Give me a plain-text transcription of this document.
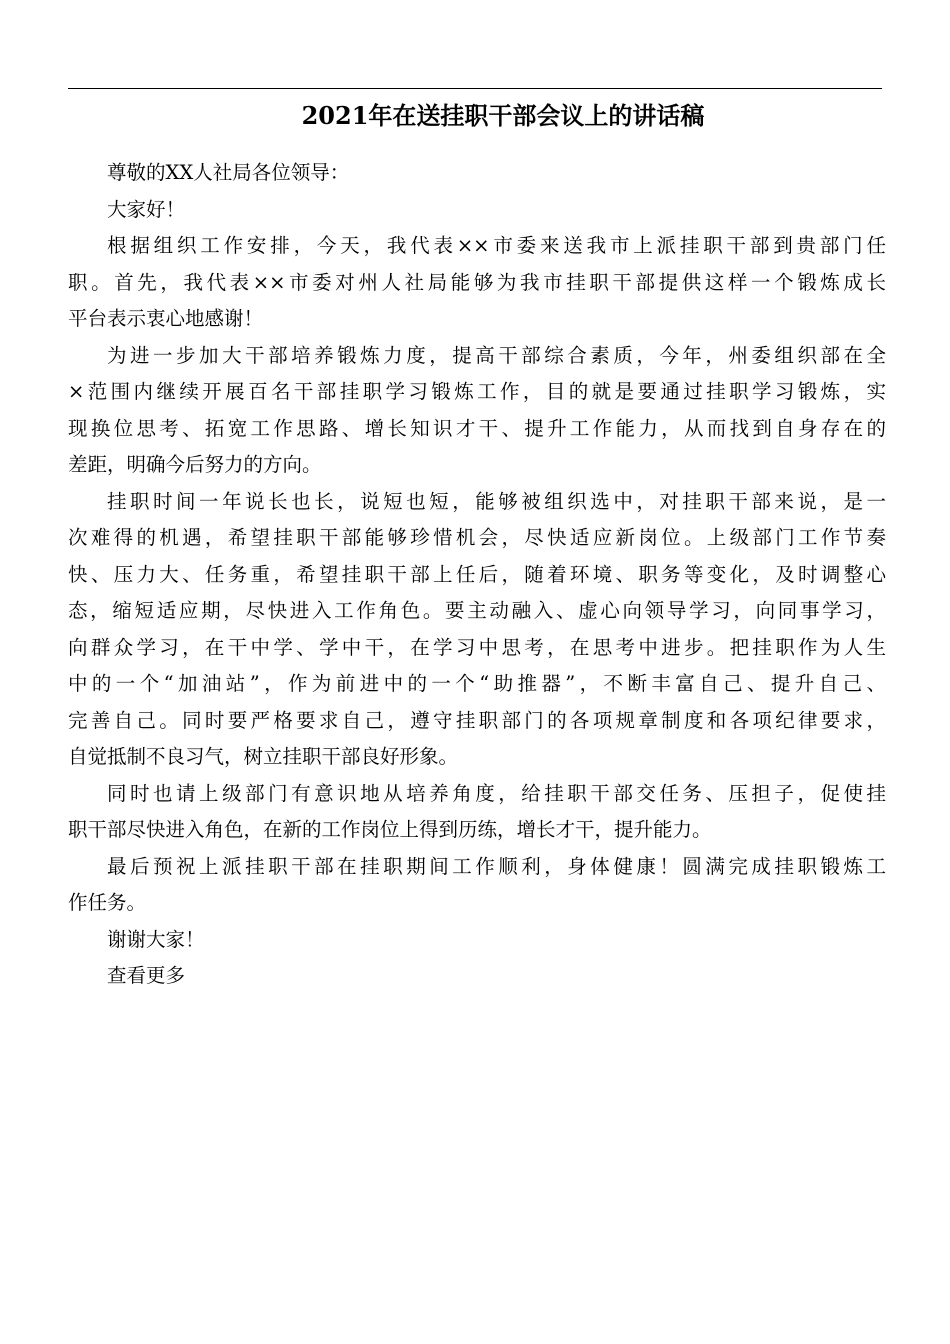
2021年在送挂职干部会议上的讲话稿

尊敬的XX人社局各位领导：

大家好！

根据组织工作安排，今天，我代表××市委来送我市上派挂职干部到贵部门任
职。首先，我代表××市委对州人社局能够为我市挂职干部提供这样一个锻炼成长
平台表示衷心地感谢！

为进一步加大干部培养锻炼力度，提高干部综合素质，今年，州委组织部在全
×范围内继续开展百名干部挂职学习锻炼工作，目的就是要通过挂职学习锻炼，实
现换位思考、拓宽工作思路、增长知识才干、提升工作能力，从而找到自身存在的
差距，明确今后努力的方向。

挂职时间一年说长也长，说短也短，能够被组织选中，对挂职干部来说，是一
次难得的机遇，希望挂职干部能够珍惜机会，尽快适应新岗位。上级部门工作节奏
快、压力大、任务重，希望挂职干部上任后，随着环境、职务等变化，及时调整心
态，缩短适应期，尽快进入工作角色。要主动融入、虚心向领导学习，向同事学习，
向群众学习，在干中学、学中干，在学习中思考，在思考中进步。把挂职作为人生
中的一个“加油站”，作为前进中的一个“助推器”，不断丰富自己、提升自己、
完善自己。同时要严格要求自己，遵守挂职部门的各项规章制度和各项纪律要求，
自觉抵制不良习气，树立挂职干部良好形象。

同时也请上级部门有意识地从培养角度，给挂职干部交任务、压担子，促使挂
职干部尽快进入角色，在新的工作岗位上得到历练，增长才干，提升能力。

最后预祝上派挂职干部在挂职期间工作顺利，身体健康！圆满完成挂职锻炼工
作任务。

谢谢大家！

查看更多
